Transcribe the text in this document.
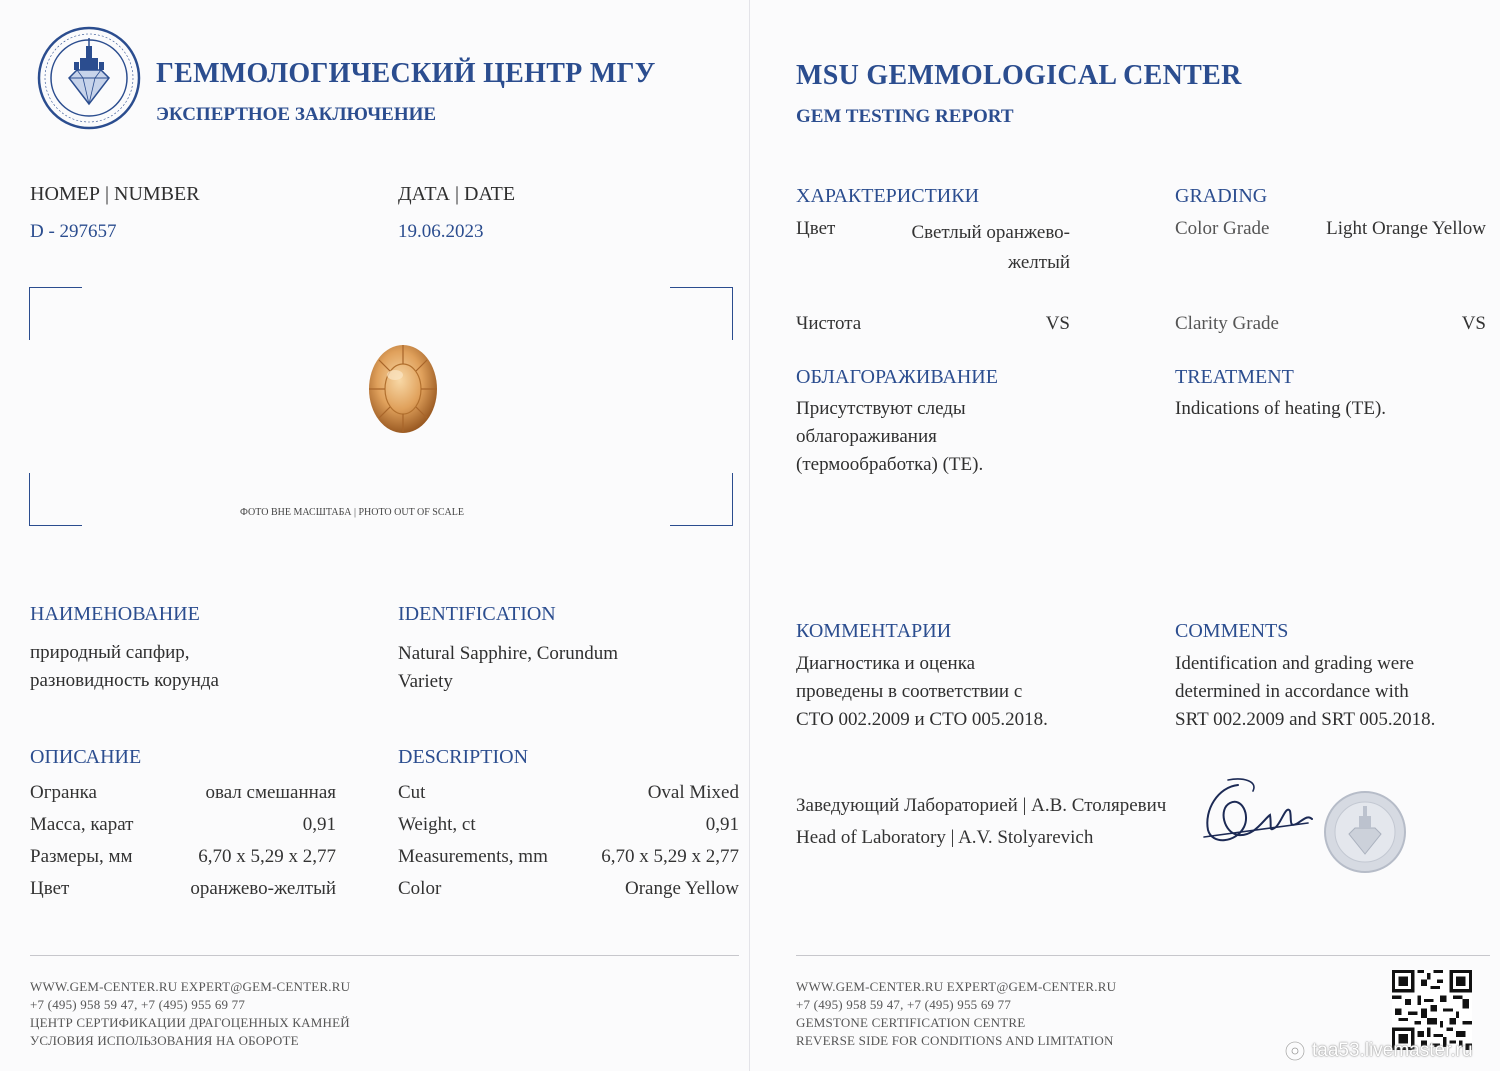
ГЕММОЛОГИЧЕСКИЙ ЦЕНТР МГУ
ЭКСПЕРТНОЕ ЗАКЛЮЧЕНИЕ
НОМЕР | NUMBER
D - 297657
ДАТА | DATE
19.06.2023
ФОТО ВНЕ МАСШТАБА | PHOTO OUT OF SCALE
НАИМЕНОВАНИЕ
природный сапфир,
разновидность корунда
IDENTIFICATION
Natural Sapphire, Corundum
Variety
ОПИСАНИЕ
Огранка	овал смешанная
Масса, карат	0,91
Размеры, мм	6,70 x 5,29 x 2,77
Цвет	оранжево-желтый
DESCRIPTION
Cut	Oval Mixed
Weight, ct	0,91
Measurements, mm	6,70 x 5,29 x 2,77
Color	Orange Yellow
WWW.GEM-CENTER.RU EXPERT@GEM-CENTER.RU
+7 (495) 958 59 47, +7 (495) 955 69 77
ЦЕНТР СЕРТИФИКАЦИИ ДРАГОЦЕННЫХ КАМНЕЙ
УСЛОВИЯ ИСПОЛЬЗОВАНИЯ НА ОБОРОТЕ
MSU GEMMOLOGICAL CENTER
GEM TESTING REPORT
ХАРАКТЕРИСТИКИ
Цвет	Светлый оранжево-
желтый
Чистота	VS
GRADING
Color Grade	Light Orange Yellow
Clarity Grade	VS
ОБЛАГОРАЖИВАНИЕ
Присутствуют следы
облагораживания
(термообработка) (TE).
TREATMENT
Indications of heating (TE).
КОММЕНТАРИИ
Диагностика и оценка
проведены в соответствии с
СТО 002.2009 и СТО 005.2018.
COMMENTS
Identification and grading were
determined in accordance with
SRT 002.2009 and SRT 005.2018.
Заведующий Лабораторией | А.В. Столяревич
Head of Laboratory | A.V. Stolyarevich
WWW.GEM-CENTER.RU EXPERT@GEM-CENTER.RU
+7 (495) 958 59 47, +7 (495) 955 69 77
GEMSTONE CERTIFICATION CENTRE
REVERSE SIDE FOR CONDITIONS AND LIMITATION	taa53.livemaster.ru
